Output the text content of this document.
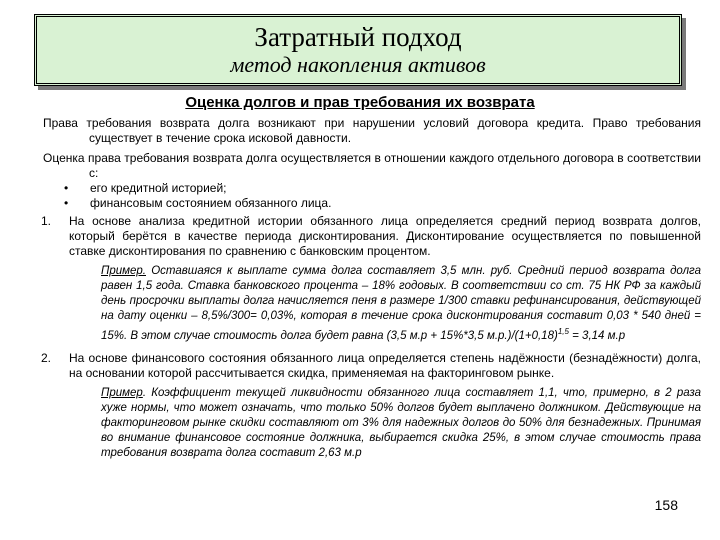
Затратный подход
метод накопления активов
Оценка долгов и прав требования их возврата

Права требования возврата долга возникают при нарушении условий договора кредита. Право требования существует в течение срока исковой давности.

Оценка права требования возврата долга осуществляется в отношении каждого отдельного договора в соответствии с:

• его кредитной историей;
• финансовым состоянием обязанного лица.
1. На основе анализа кредитной истории обязанного лица определяется средний период возврата долгов, который берётся в качестве периода дисконтирования. Дисконтирование осуществляется по повышенной ставке дисконтирования по сравнению с банковским процентом.
Пример. Оставшаяся к выплате сумма долга составляет 3,5 млн. руб. Средний период возврата долга равен 1,5 года. Ставка банковского процента – 18% годовых. В соответствии со ст. 75 НК РФ за каждый день просрочки выплаты долга начисляется пеня в размере 1/300 ставки рефинансирования, действующей на дату оценки – 8,5%/300= 0,03%, которая в течение срока дисконтирования составит 0,03 * 540 дней = 15%. В этом случае стоимость долга будет равна (3,5 м.р + 15%*3,5 $м.р.)/(1+0,18)^{1,5} = 3,14$ м.р
2. На основе финансового состояния обязанного лица определяется степень надёжности (безнадёжности) долга, на основании которой рассчитывается скидка, применяемая на факторинговом рынке.
Пример. Коэффициент текущей ликвидности обязанного лица составляет 1,1, что, примерно, в 2 раза хуже нормы, что может означать, что только 50% долгов будет выплачено должником. Действующие на факторинговом рынке скидки составляют от 3% для надежных долгов до 50% для безнадежных. Принимая во внимание финансовое состояние должника, выбирается скидка 25%, в этом случае стоимость права требования возврата долга составит 2,63 м.р
158
